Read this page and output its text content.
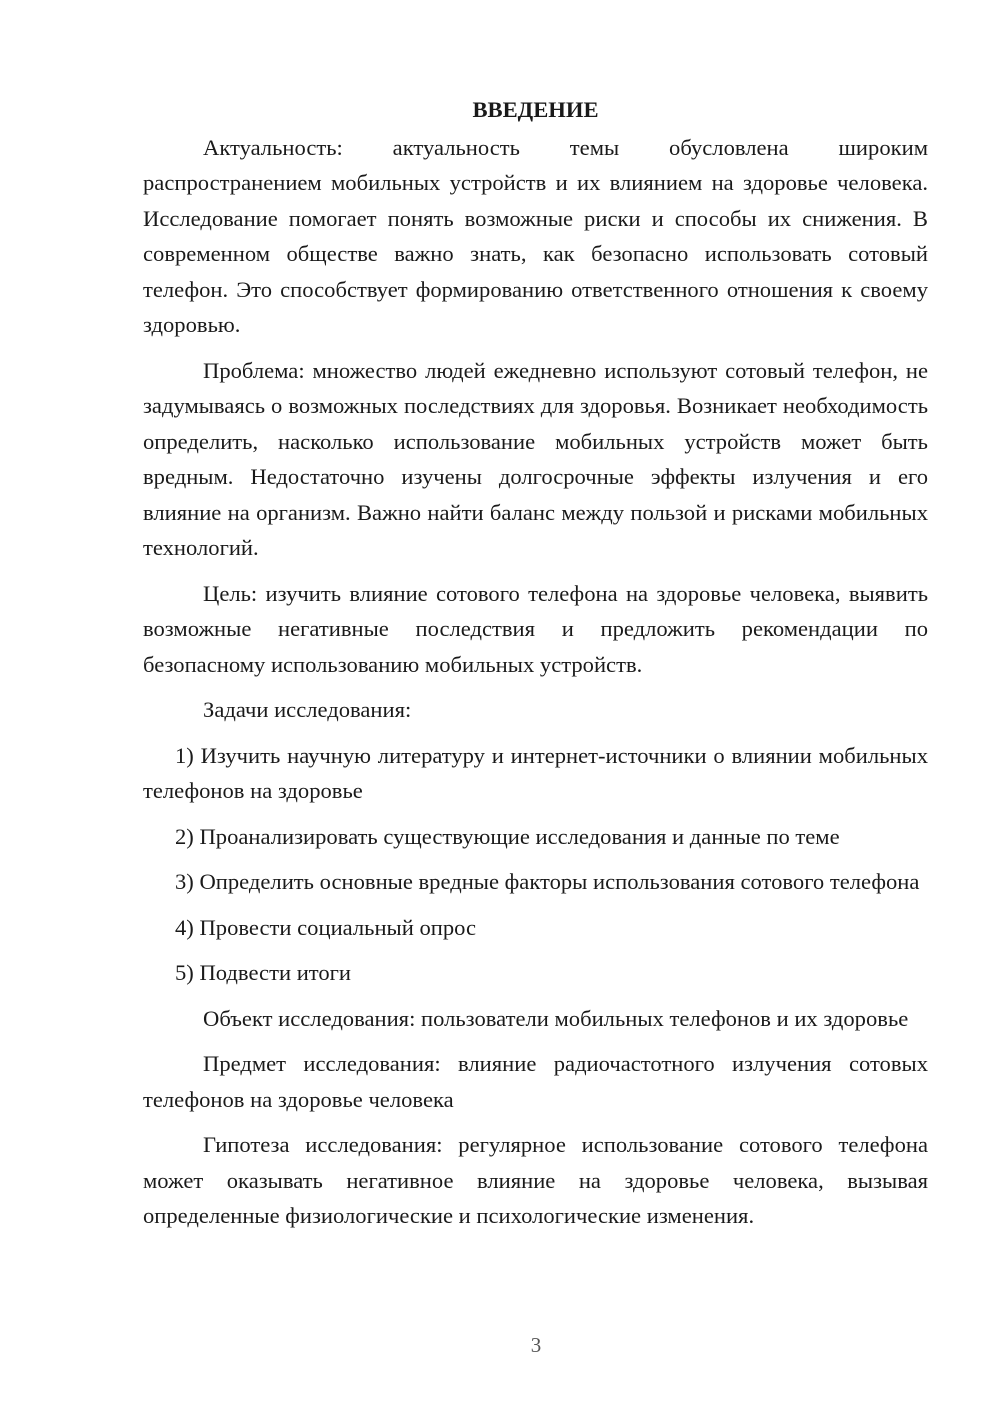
ВВЕДЕНИЕ

Актуальность: актуальность темы обусловлена широким распространением мобильных устройств и их влиянием на здоровье человека. Исследование помогает понять возможные риски и способы их снижения. В современном обществе важно знать, как безопасно использовать сотовый телефон. Это способствует формированию ответственного отношения к своему здоровью.

Проблема: множество людей ежедневно используют сотовый телефон, не задумываясь о возможных последствиях для здоровья. Возникает необходимость определить, насколько использование мобильных устройств может быть вредным. Недостаточно изучены долгосрочные эффекты излучения и его влияние на организм. Важно найти баланс между пользой и рисками мобильных технологий.

Цель: изучить влияние сотового телефона на здоровье человека, выявить возможные негативные последствия и предложить рекомендации по безопасному использованию мобильных устройств.

Задачи исследования:

1) Изучить научную литературу и интернет-источники о влиянии мобильных телефонов на здоровье

2) Проанализировать существующие исследования и данные по теме

3) Определить основные вредные факторы использования сотового телефона

4) Провести социальный опрос

5) Подвести итоги

Объект исследования: пользователи мобильных телефонов и их здоровье

Предмет исследования: влияние радиочастотного излучения сотовых телефонов на здоровье человека

Гипотеза исследования: регулярное использование сотового телефона может оказывать негативное влияние на здоровье человека, вызывая определенные физиологические и психологические изменения.

3
